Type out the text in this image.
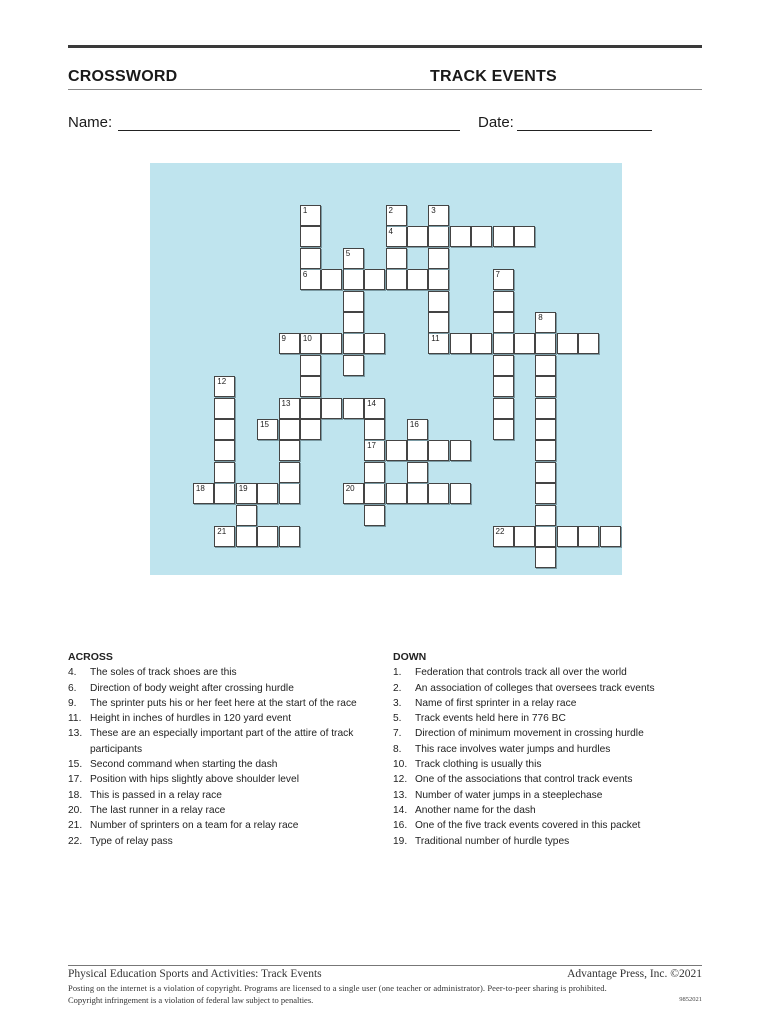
CROSSWORD	TRACK EVENTS
Name:	Date:
4
6
9 10	11
13	14
15
17
18	19	20
21	22
1	2	3
5
7
8
12
16
ACROSS
4.	The soles of track shoes are this
6.	Direction of body weight after crossing hurdle
9.	The sprinter puts his or her feet here at the start of the race
11. Height in inches of hurdles in 120 yard event
13. These are an especially important part of the attire of track participants
15. Second command when starting the dash
17. Position with hips slightly above shoulder level
18. This is passed in a relay race
20. The last runner in a relay race
21. Number of sprinters on a team for a relay race
22. Type of relay pass
DOWN
1.	Federation that controls track all over the world
2.	An association of colleges that oversees track events
3.	Name of first sprinter in a relay race
5.	Track events held here in 776 BC
7.	Direction of minimum movement in crossing hurdle
8.	This race involves water jumps and hurdles
10. Track clothing is usually this
12. One of the associations that control track events
13. Number of water jumps in a steeplechase
14. Another name for the dash
16. One of the five track events covered in this packet
19. Traditional number of hurdle types
Physical Education Sports and Activities: Track Events	Advantage Press, Inc. ©2021
Posting on the internet is a violation of copyright. Programs are licensed to a single user (one teacher or administrator). Peer-to-peer sharing is prohibited.
Copyright infringement is a violation of federal law subject to penalties.	9852021
